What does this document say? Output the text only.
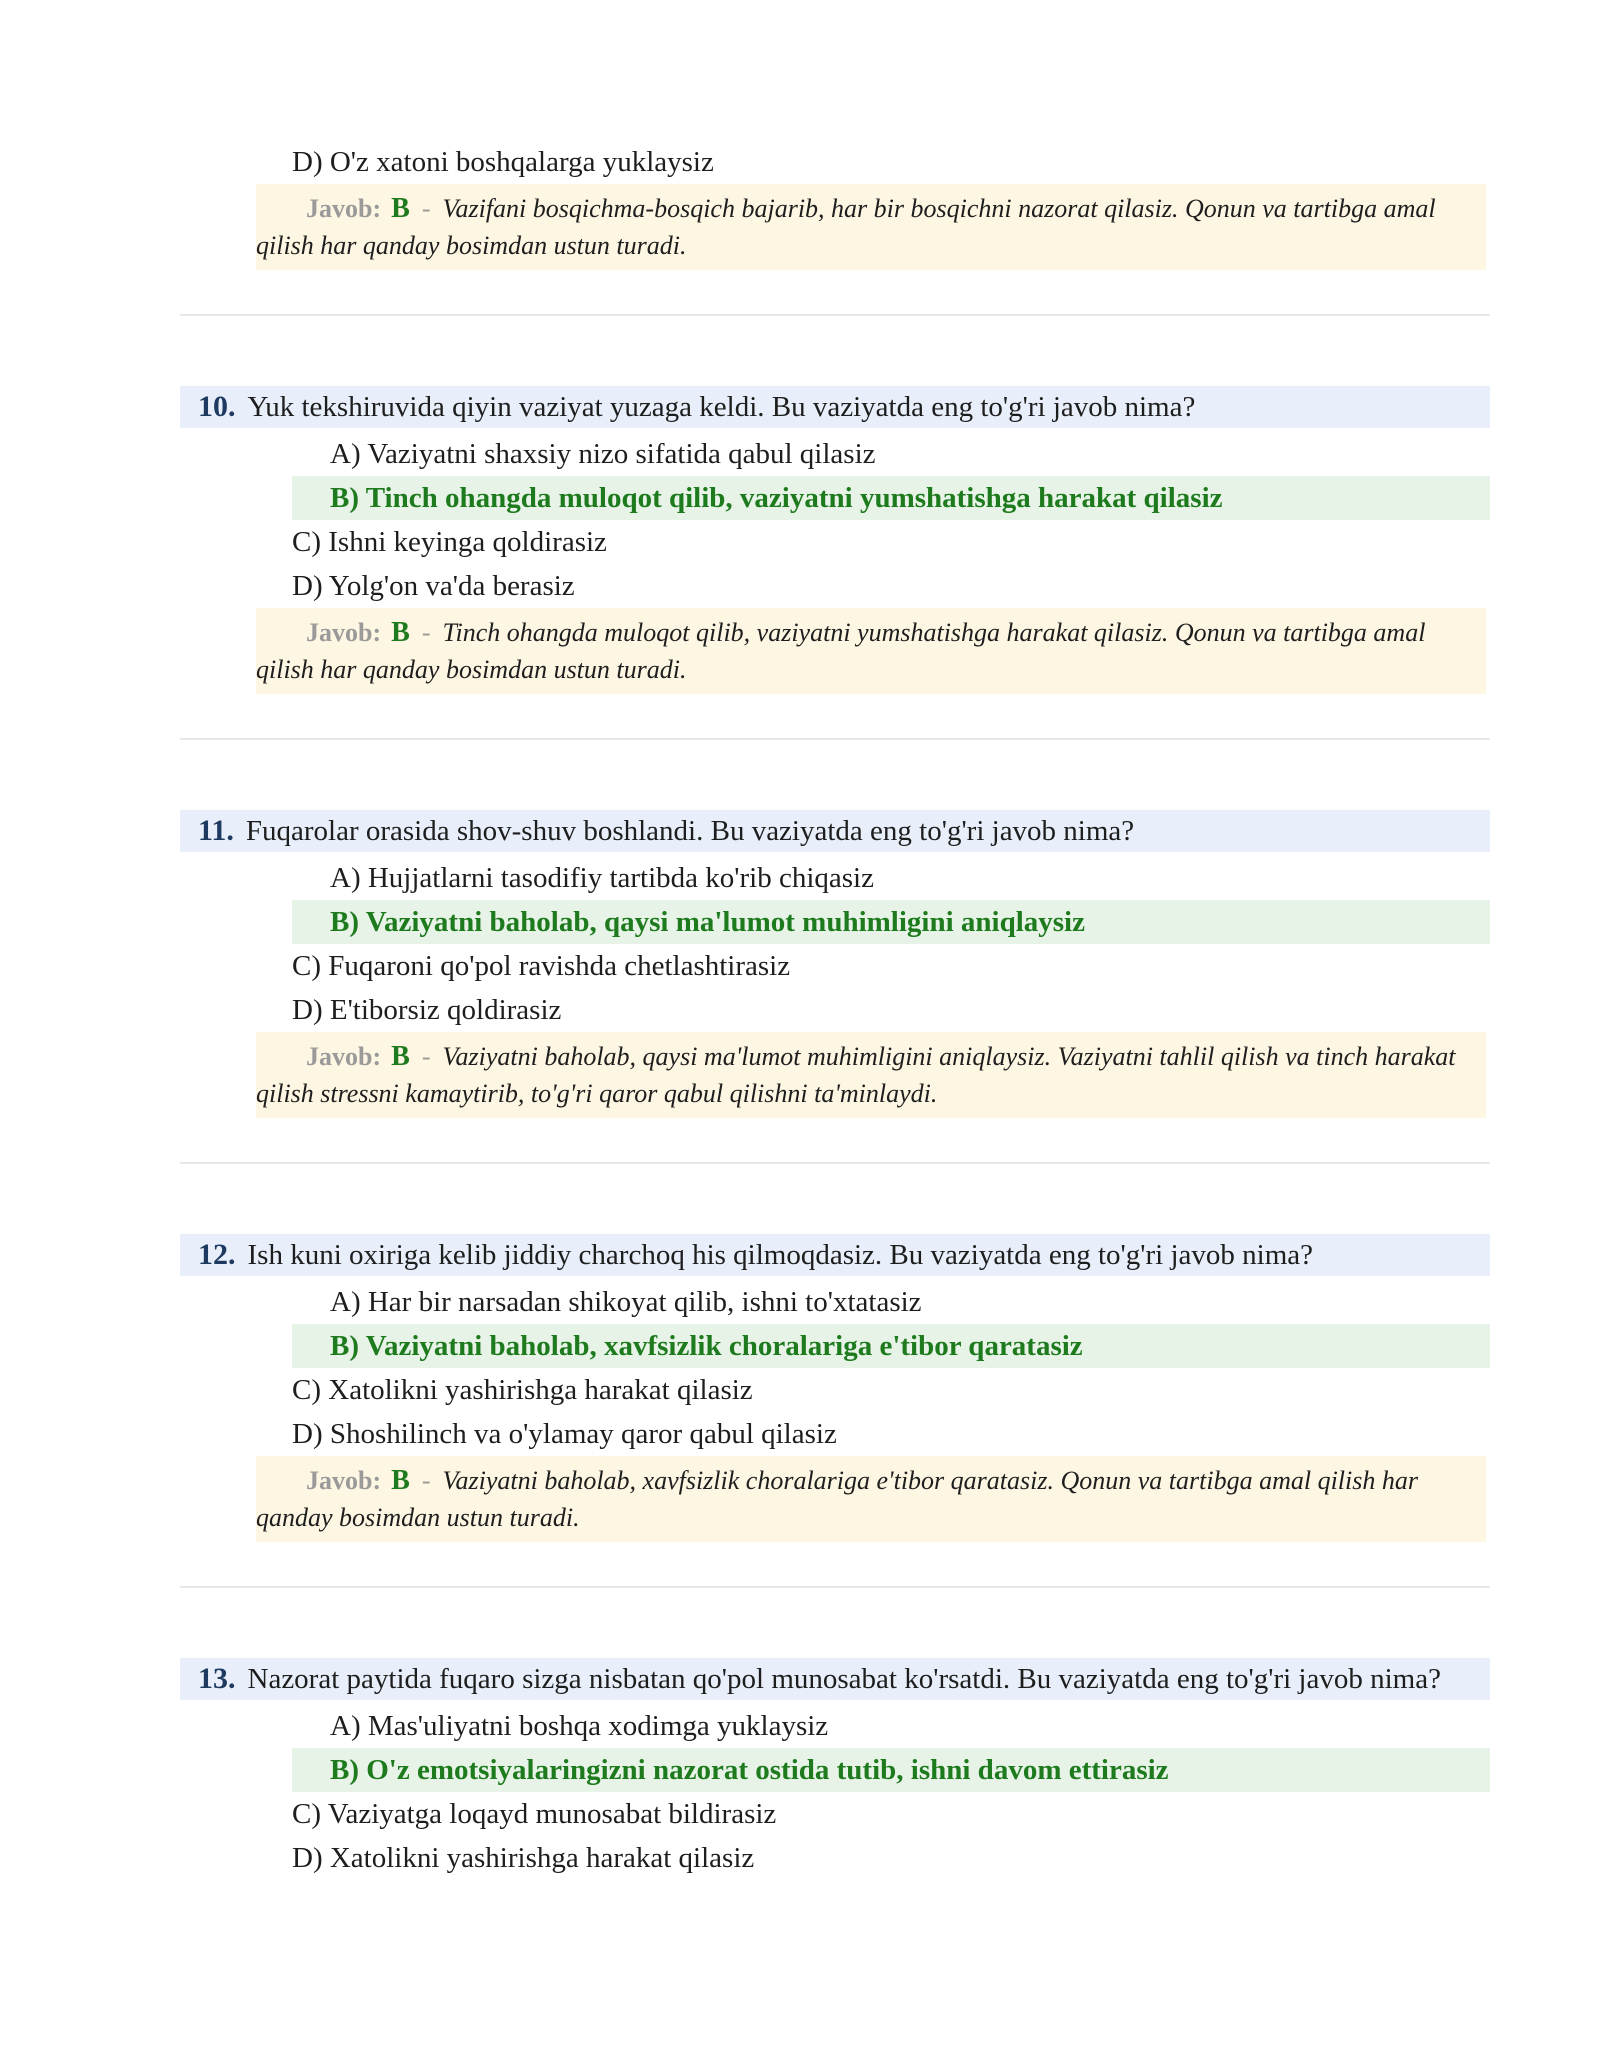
D) O'z xatoni boshqalarga yuklaysiz
Javob: B - Vazifani bosqichma-bosqich bajarib, har bir bosqichni nazorat qilasiz. Qonun va tartibga amal qilish har qanday bosimdan ustun turadi.
10. Yuk tekshiruvida qiyin vaziyat yuzaga keldi. Bu vaziyatda eng to'g'ri javob nima?
A) Vaziyatni shaxsiy nizo sifatida qabul qilasiz
B) Tinch ohangda muloqot qilib, vaziyatni yumshatishga harakat qilasiz
C) Ishni keyinga qoldirasiz
D) Yolg'on va'da berasiz
Javob: B - Tinch ohangda muloqot qilib, vaziyatni yumshatishga harakat qilasiz. Qonun va tartibga amal qilish har qanday bosimdan ustun turadi.
11. Fuqarolar orasida shov-shuv boshlandi. Bu vaziyatda eng to'g'ri javob nima?
A) Hujjatlarni tasodifiy tartibda ko'rib chiqasiz
B) Vaziyatni baholab, qaysi ma'lumot muhimligini aniqlaysiz
C) Fuqaroni qo'pol ravishda chetlashtirasiz
D) E'tiborsiz qoldirasiz
Javob: B - Vaziyatni baholab, qaysi ma'lumot muhimligini aniqlaysiz. Vaziyatni tahlil qilish va tinch harakat qilish stressni kamaytirib, to'g'ri qaror qabul qilishni ta'minlaydi.
12. Ish kuni oxiriga kelib jiddiy charchoq his qilmoqdasiz. Bu vaziyatda eng to'g'ri javob nima?
A) Har bir narsadan shikoyat qilib, ishni to'xtatasiz
B) Vaziyatni baholab, xavfsizlik choralariga e'tibor qaratasiz
C) Xatolikni yashirishga harakat qilasiz
D) Shoshilinch va o'ylamay qaror qabul qilasiz
Javob: B - Vaziyatni baholab, xavfsizlik choralariga e'tibor qaratasiz. Qonun va tartibga amal qilish har qanday bosimdan ustun turadi.
13. Nazorat paytida fuqaro sizga nisbatan qo'pol munosabat ko'rsatdi. Bu vaziyatda eng to'g'ri javob nima?
A) Mas'uliyatni boshqa xodimga yuklaysiz
B) O'z emotsiyalaringizni nazorat ostida tutib, ishni davom ettirasiz
C) Vaziyatga loqayd munosabat bildirasiz
D) Xatolikni yashirishga harakat qilasiz
